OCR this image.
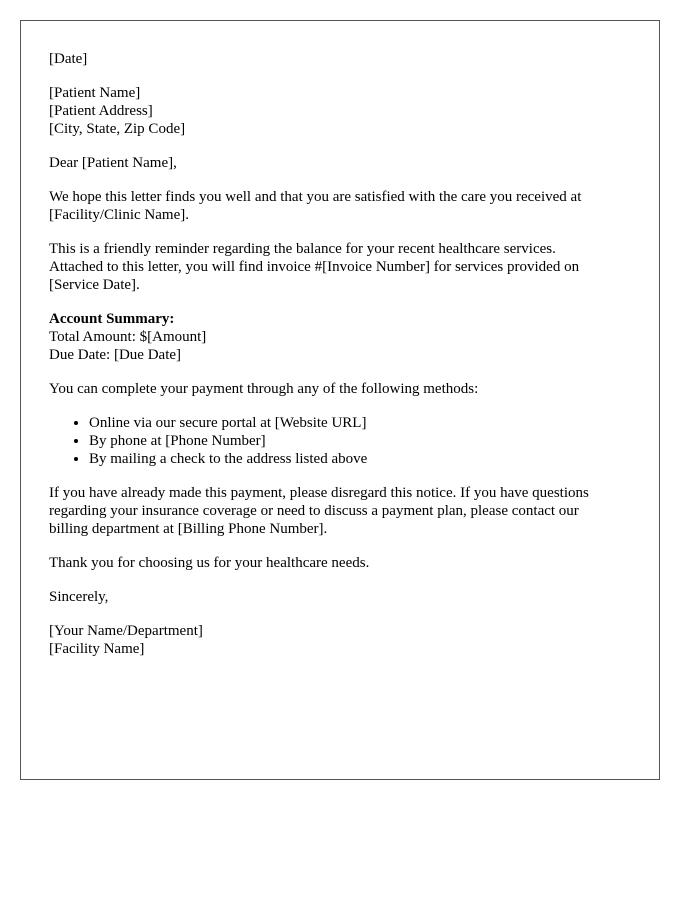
[Date]
[Patient Name]
[Patient Address]
[City, State, Zip Code]
Dear [Patient Name],
We hope this letter finds you well and that you are satisfied with the care you received at
[Facility/Clinic Name].
This is a friendly reminder regarding the balance for your recent healthcare services.
Attached to this letter, you will find invoice #[Invoice Number] for services provided on
[Service Date].
Account Summary:
Total Amount: $[Amount]
Due Date: [Due Date]
You can complete your payment through any of the following methods:
• Online via our secure portal at [Website URL]
• By phone at [Phone Number]
• By mailing a check to the address listed above
If you have already made this payment, please disregard this notice. If you have questions
regarding your insurance coverage or need to discuss a payment plan, please contact our
billing department at [Billing Phone Number].
Thank you for choosing us for your healthcare needs.
Sincerely,
[Your Name/Department]
[Facility Name]
